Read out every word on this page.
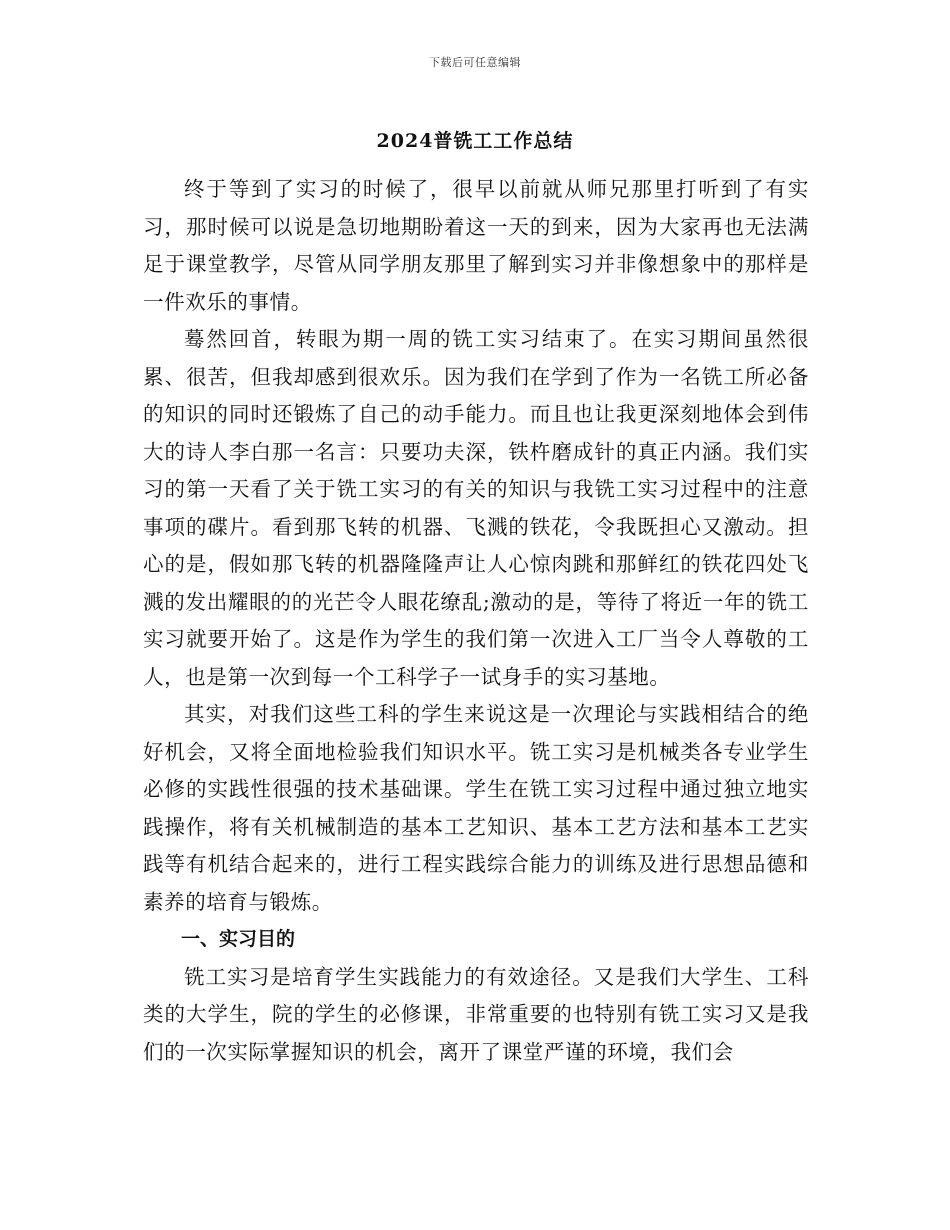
下载后可任意编辑
2024普铣工工作总结

终于等到了实习的时候了，很早以前就从师兄那里打听到了有实习，那时候可以说是急切地期盼着这一天的到来，因为大家再也无法满足于课堂教学，尽管从同学朋友那里了解到实习并非像想象中的那样是一件欢乐的事情。

蓦然回首，转眼为期一周的铣工实习结束了。在实习期间虽然很累、很苦，但我却感到很欢乐。因为我们在学到了作为一名铣工所必备的知识的同时还锻炼了自己的动手能力。而且也让我更深刻地体会到伟大的诗人李白那一名言：只要功夫深，铁杵磨成针的真正内涵。我们实习的第一天看了关于铣工实习的有关的知识与我铣工实习过程中的注意事项的碟片。看到那飞转的机器、飞溅的铁花，令我既担心又激动。担心的是，假如那飞转的机器隆隆声让人心惊肉跳和那鲜红的铁花四处飞溅的发出耀眼的的光芒令人眼花缭乱;激动的是，等待了将近一年的铣工实习就要开始了。这是作为学生的我们第一次进入工厂当令人尊敬的工人，也是第一次到每一个工科学子一试身手的实习基地。

其实，对我们这些工科的学生来说这是一次理论与实践相结合的绝好机会，又将全面地检验我们知识水平。铣工实习是机械类各专业学生必修的实践性很强的技术基础课。学生在铣工实习过程中通过独立地实践操作，将有关机械制造的基本工艺知识、基本工艺方法和基本工艺实践等有机结合起来的，进行工程实践综合能力的训练及进行思想品德和素养的培育与锻炼。

一、实习目的

铣工实习是培育学生实践能力的有效途径。又是我们大学生、工科类的大学生，院的学生的必修课，非常重要的也特别有铣工实习又是我们的一次实际掌握知识的机会，离开了课堂严谨的环境，我们会
